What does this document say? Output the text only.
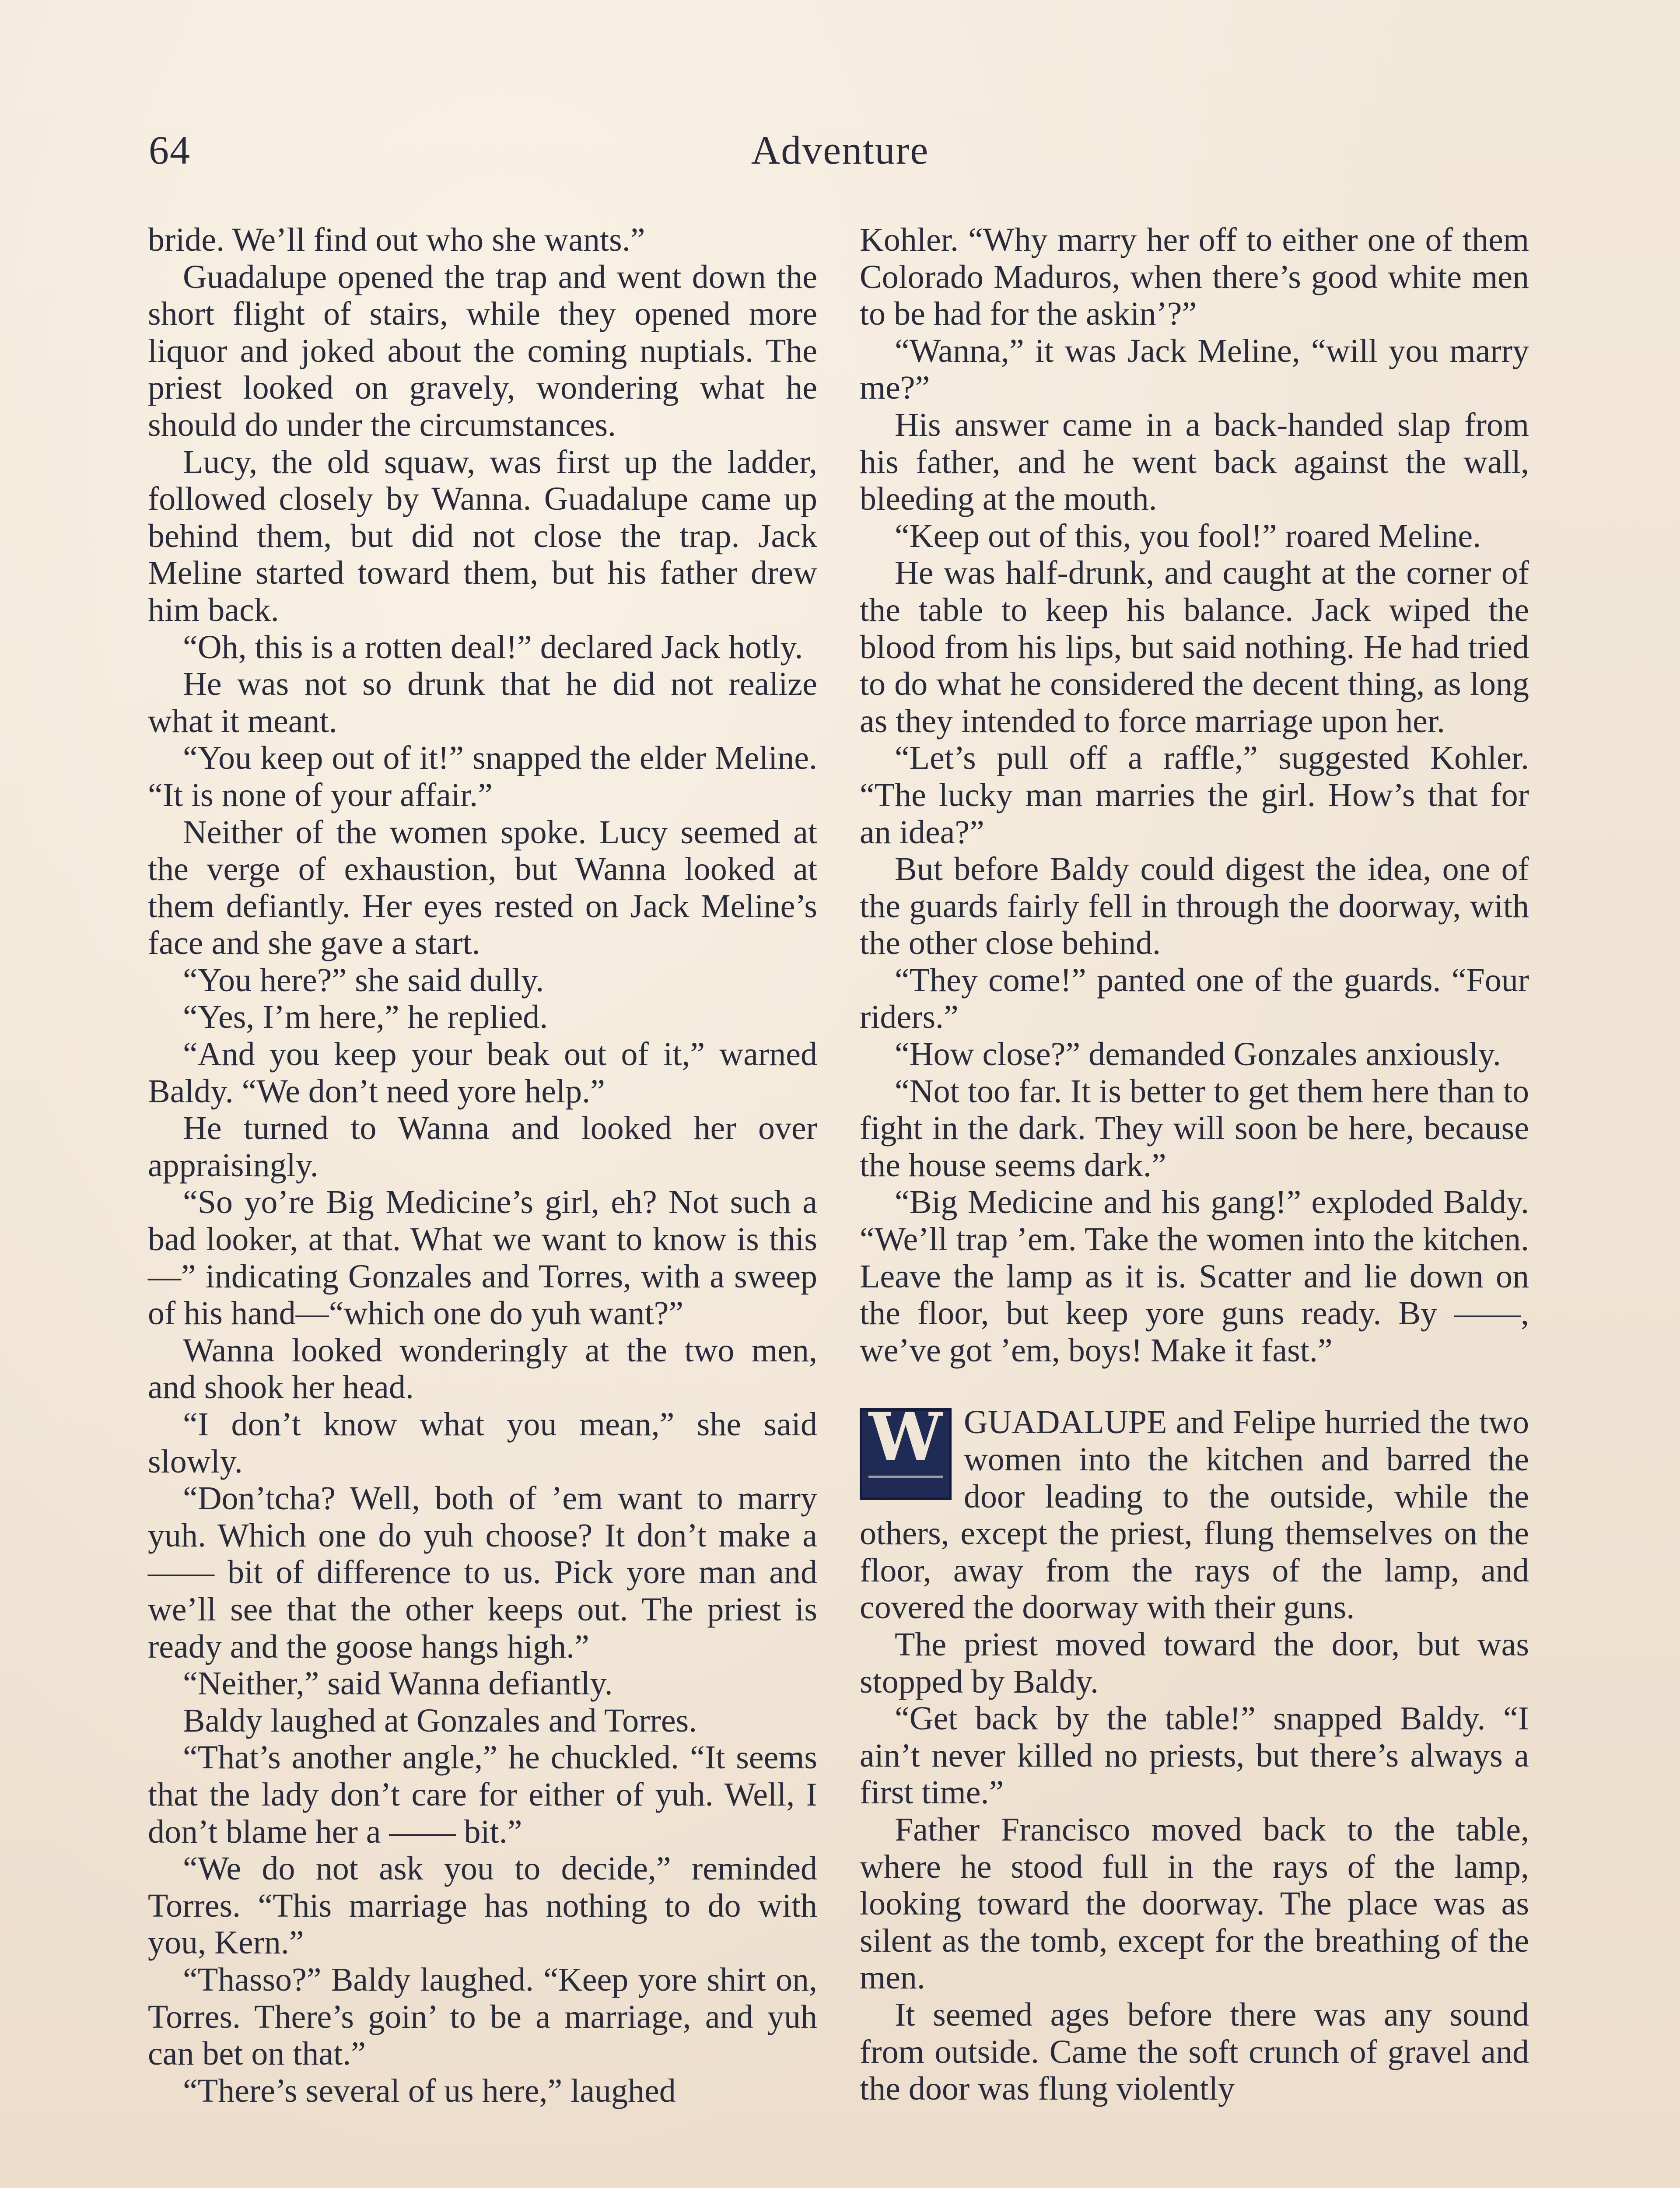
64	Adventure

bride. We’ll find out who she wants.”

Guadalupe opened the trap and went down the short flight of stairs, while they opened more liquor and joked about the coming nuptials. The priest looked on gravely, wondering what he should do under the circumstances.

Lucy, the old squaw, was first up the ladder, followed closely by Wanna. Guadalupe came up behind them, but did not close the trap. Jack Meline started toward them, but his father drew him back.

“Oh, this is a rotten deal!” declared Jack hotly.

He was not so drunk that he did not realize what it meant.

“You keep out of it!” snapped the elder Meline. “It is none of your affair.”

Neither of the women spoke. Lucy seemed at the verge of exhaustion, but Wanna looked at them defiantly. Her eyes rested on Jack Meline’s face and she gave a start.

“You here?” she said dully.

“Yes, I’m here,” he replied.

“And you keep your beak out of it,” warned Baldy. “We don’t need yore help.”

He turned to Wanna and looked her over appraisingly.

“So yo’re Big Medicine’s girl, eh? Not such a bad looker, at that. What we want to know is this—” indicating Gonzales and Torres, with a sweep of his hand—“which one do yuh want?”

Wanna looked wonderingly at the two men, and shook her head.

“I don’t know what you mean,” she said slowly.

“Don’tcha? Well, both of ’em want to marry yuh. Which one do yuh choose? It don’t make a —— bit of difference to us. Pick yore man and we’ll see that the other keeps out. The priest is ready and the goose hangs high.”

“Neither,” said Wanna defiantly.

Baldy laughed at Gonzales and Torres.

“That’s another angle,” he chuckled. “It seems that the lady don’t care for either of yuh. Well, I don’t blame her a —— bit.”

“We do not ask you to decide,” reminded Torres. “This marriage has nothing to do with you, Kern.”

“Thasso?” Baldy laughed. “Keep yore shirt on, Torres. There’s goin’ to be a marriage, and yuh can bet on that.”

“There’s several of us here,” laughed

Kohler. “Why marry her off to either one of them Colorado Maduros, when there’s good white men to be had for the askin’?”

“Wanna,” it was Jack Meline, “will you marry me?”

His answer came in a back-handed slap from his father, and he went back against the wall, bleeding at the mouth.

“Keep out of this, you fool!” roared Meline.

He was half-drunk, and caught at the corner of the table to keep his balance. Jack wiped the blood from his lips, but said nothing. He had tried to do what he considered the decent thing, as long as they intended to force marriage upon her.

“Let’s pull off a raffle,” suggested Kohler. “The lucky man marries the girl. How’s that for an idea?”

But before Baldy could digest the idea, one of the guards fairly fell in through the doorway, with the other close behind.

“They come!” panted one of the guards. “Four riders.”

“How close?” demanded Gonzales anxiously.

“Not too far. It is better to get them here than to fight in the dark. They will soon be here, because the house seems dark.”

“Big Medicine and his gang!” exploded Baldy. “We’ll trap ’em. Take the women into the kitchen. Leave the lamp as it is. Scatter and lie down on the floor, but keep yore guns ready. By ——, we’ve got ’em, boys! Make it fast.”

W GUADALUPE and Felipe hurried the two women into the kitchen and barred the door leading to the outside, while the others, except the priest, flung themselves on the floor, away from the rays of the lamp, and covered the doorway with their guns.

The priest moved toward the door, but was stopped by Baldy.

“Get back by the table!” snapped Baldy. “I ain’t never killed no priests, but there’s always a first time.”

Father Francisco moved back to the table, where he stood full in the rays of the lamp, looking toward the doorway. The place was as silent as the tomb, except for the breathing of the men.

It seemed ages before there was any sound from outside. Came the soft crunch of gravel and the door was flung violently
